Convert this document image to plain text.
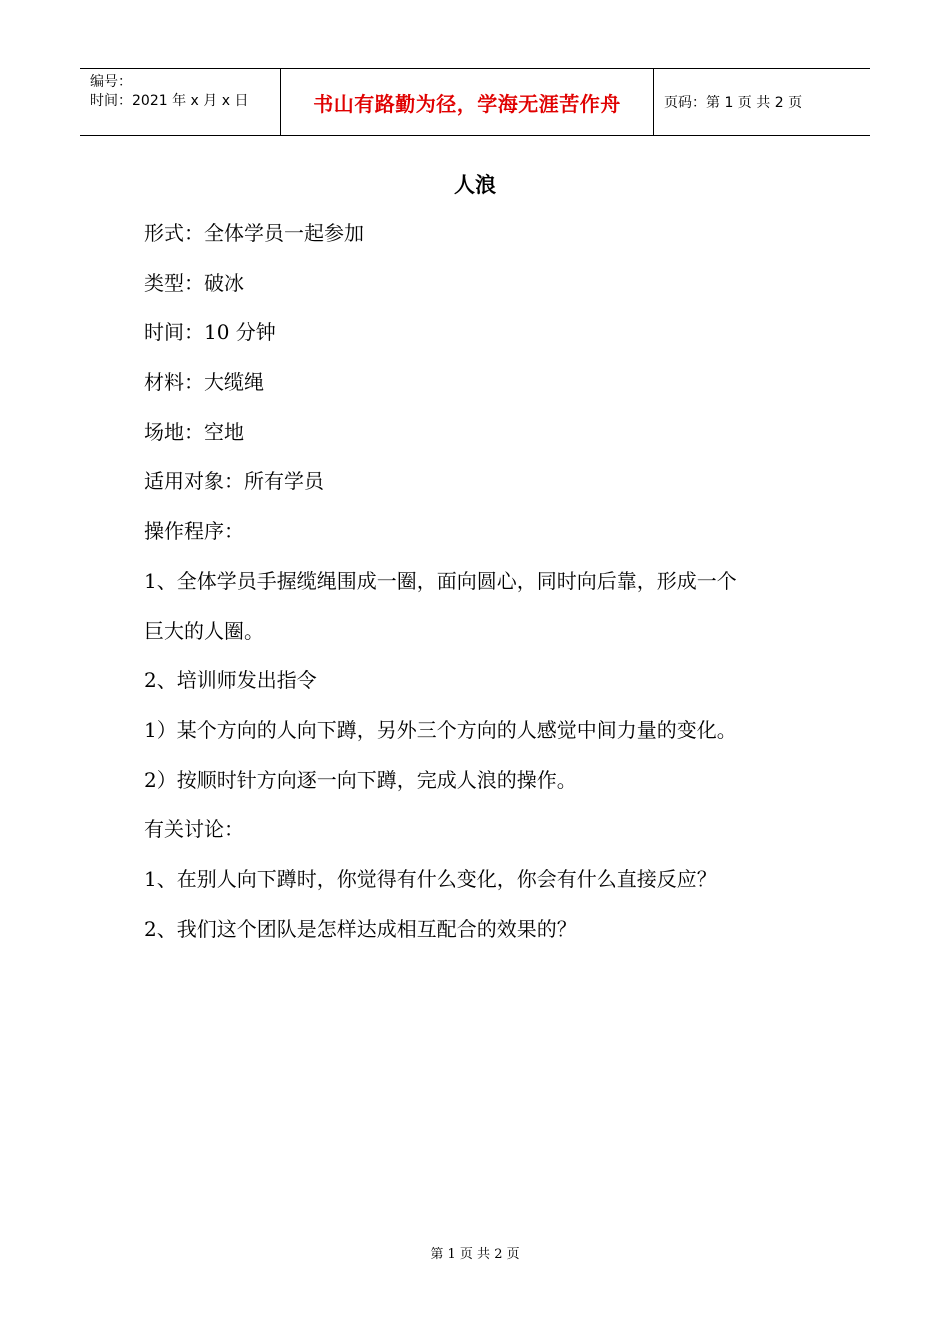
编号：
时间：2021 年 x 月 x 日	书山有路勤为径，学海无涯苦作舟	页码：第 1 页 共 2 页
人浪
形式：全体学员一起参加
类型：破冰
时间：10 分钟
材料：大缆绳
场地：空地
适用对象：所有学员
操作程序：
1、全体学员手握缆绳围成一圈，面向圆心，同时向后靠，形成一个
巨大的人圈。
2、培训师发出指令
1）某个方向的人向下蹲，另外三个方向的人感觉中间力量的变化。
2）按顺时针方向逐一向下蹲，完成人浪的操作。
有关讨论：
1、在别人向下蹲时，你觉得有什么变化，你会有什么直接反应？
2、我们这个团队是怎样达成相互配合的效果的？
第 1 页 共 2 页
